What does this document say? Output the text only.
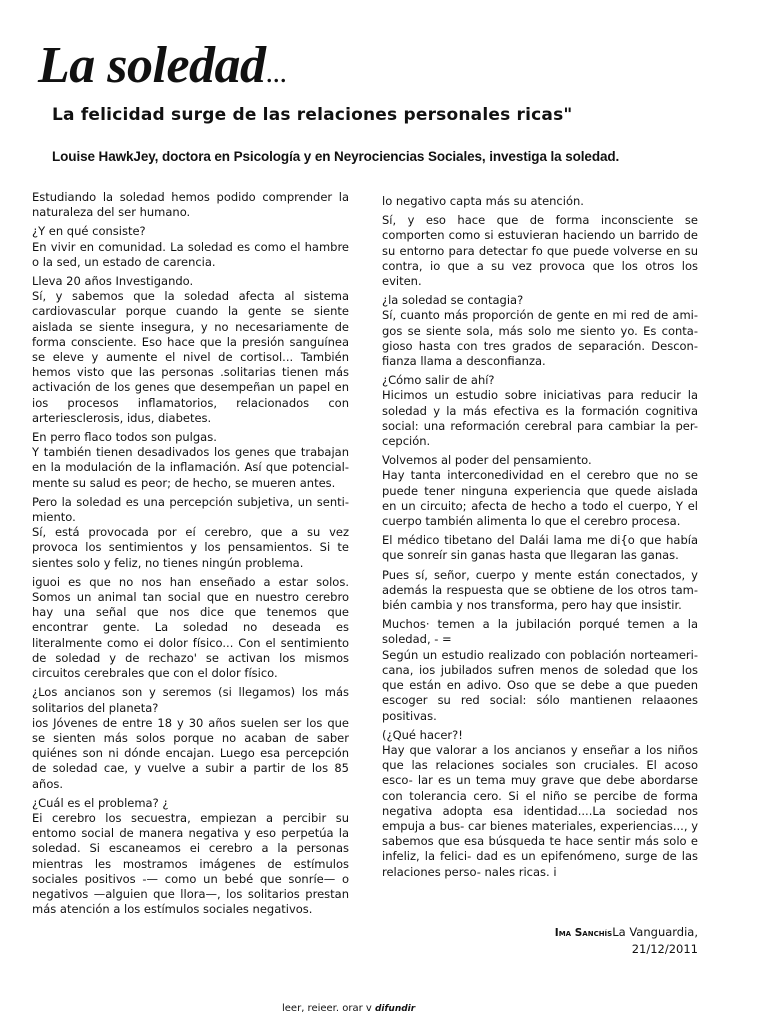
La soledad...
La felicidad surge de las relaciones personales ricas"

Louise HawkJey, doctora en Psicología y en Neyrociencias Sociales, investiga la soledad.

Estudiando la soledad hemos podido comprender la naturaleza del ser humano.

¿Y en qué consiste?
En vivir en comunidad. La soledad es como el hambre o la sed, un estado de carencia.

Lleva 20 años Investigando.
Sí, y sabemos que la soledad afecta al sistema cardiovascular porque cuando la gente se siente aislada se siente insegura, y no necesariamente de forma consciente. Eso hace que la presión sanguínea se eleve y aumente el nivel de cortisol... También hemos visto que las personas .solitarias tienen más activación de los genes que desempeñan un papel en ios procesos inflamatorios, relacionados con arteriesclerosis, idus, diabetes.

En perro flaco todos son pulgas.
Y también tienen desadivados los genes que trabajan en la modulación de la inflamación. Así que potencial- mente su salud es peor; de hecho, se mueren antes.

Pero la soledad es una percepción subjetiva, un senti- miento.
Sí, está provocada por eí cerebro, que a su vez provoca los sentimientos y los pensamientos. Si te sientes solo y feliz, no tienes ningún problema.

iguoi es que no nos han enseñado a estar solos. Somos un animal tan social que en nuestro cerebro hay una señal que nos dice que tenemos que encontrar gente. La soledad no deseada es literalmente como ei dolor físico... Con el sentimiento de soledad y de rechazo' se activan los mismos circuitos cerebrales que con el dolor físico.

¿Los ancianos son y seremos (si llegamos) los más solitarios del planeta?
ios Jóvenes de entre 18 y 30 años suelen ser los que se sienten más solos porque no acaban de saber quiénes son ni dónde encajan. Luego esa percepción de soledad cae, y vuelve a subir a partir de los 85 años.

¿Cuál es el problema? ¿
Ei cerebro los secuestra, empiezan a percibir su entomo social de manera negativa y eso perpetúa la soledad. Si escaneamos ei cerebro a la personas mientras les mostramos imágenes de estímulos sociales positivos -— como un bebé que sonríe— o negativos —alguien que llora—, los solitarios prestan más atención a los estímulos sociales negativos.

lo negativo capta más su atención.

Sí, y eso hace que de forma inconsciente se comporten como si estuvieran haciendo un barrido de su entorno para detectar fo que puede volverse en su contra, io que a su vez provoca que los otros los eviten.

¿la soledad se contagia?
Sí, cuanto más proporción de gente en mi red de ami- gos se siente sola, más solo me siento yo. Es conta- gioso hasta con tres grados de separación. Descon- fianza llama a desconfianza.

¿Cómo salir de ahí?
Hicimos un estudio sobre iniciativas para reducir la soledad y la más efectiva es la formación cognitiva social: una reformación cerebral para cambiar la per- cepción.

Volvemos al poder del pensamiento.
Hay tanta interconedividad en el cerebro que no se puede tener ninguna experiencia que quede aislada en un circuito; afecta de hecho a todo el cuerpo, Y el cuerpo también alimenta lo que el cerebro procesa.

El médico tibetano del Dalái lama me di{o que había que sonreír sin ganas hasta que llegaran las ganas.

Pues sí, señor, cuerpo y mente están conectados, y además la respuesta que se obtiene de los otros tam- bién cambia y nos transforma, pero hay que insistir.

Muchos· temen a la jubilación porqué temen a la soledad, - =
Según un estudio realizado con población norteameri- cana, ios jubilados sufren menos de soledad que los que están en adivo. Oso que se debe a que pueden escoger su red social: sólo mantienen relaaones positivas.

(¿Qué hacer?!
Hay que valorar a los ancianos y enseñar a los niños que las relaciones sociales son cruciales. El acoso esco- lar es un tema muy grave que debe abordarse con tolerancia cero. Si el niño se percibe de forma negativa adopta esa identidad....La sociedad nos empuja a bus- car bienes materiales, experiencias..., y sabemos que esa búsqueda te hace sentir más solo e infeliz, la felici- dad es un epifenómeno, surge de las relaciones perso- nales ricas. i

Ima SanchísLa Vanguardia,
21/12/2011
leer, reieer. orar v difundir
